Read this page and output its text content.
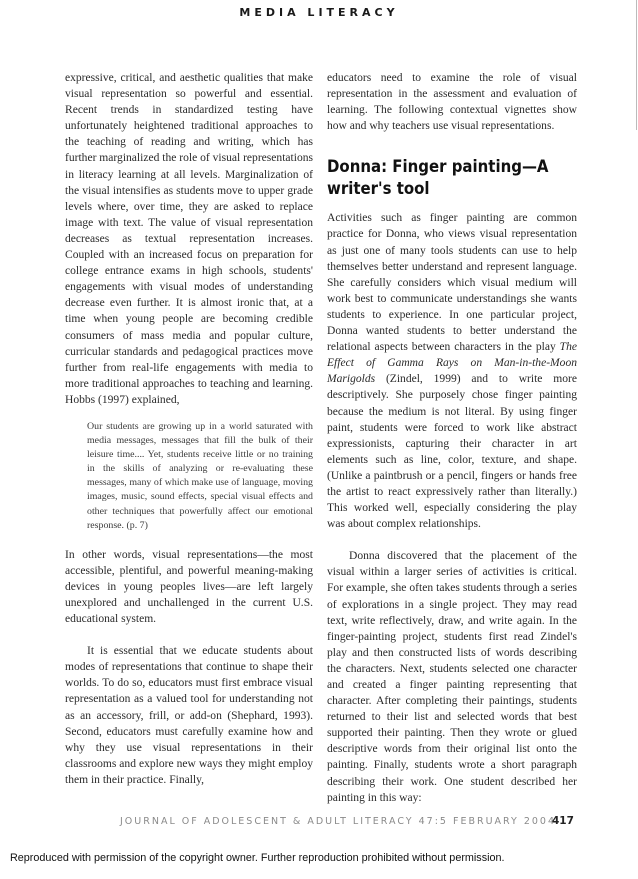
MEDIA LITERACY

expressive, critical, and aesthetic qualities that make visual representation so powerful and essential. Recent trends in standardized testing have unfortunately heightened traditional approaches to the teaching of reading and writing, which has further marginalized the role of visual representations in literacy learning at all levels. Marginalization of the visual intensifies as students move to upper grade levels where, over time, they are asked to replace image with text. The value of visual representation decreases as textual representation increases. Coupled with an increased focus on preparation for college entrance exams in high schools, students' engagements with visual modes of understanding decrease even further. It is almost ironic that, at a time when young people are becoming credible consumers of mass media and popular culture, curricular standards and pedagogical practices move further from real-life engagements with media to more traditional approaches to teaching and learning. Hobbs (1997) explained,

Our students are growing up in a world saturated with media messages, messages that fill the bulk of their leisure time.... Yet, students receive little or no training in the skills of analyzing or re-evaluating these messages, many of which make use of language, moving images, music, sound effects, special visual effects and other techniques that powerfully affect our emotional response. (p. 7)

In other words, visual representations—the most accessible, plentiful, and powerful meaning-making devices in young peoples lives—are left largely unexplored and unchallenged in the current U.S. educational system.

It is essential that we educate students about modes of representations that continue to shape their worlds. To do so, educators must first embrace visual representation as a valued tool for understanding not as an accessory, frill, or add-on (Shephard, 1993). Second, educators must carefully examine how and why they use visual representations in their classrooms and explore new ways they might employ them in their practice. Finally,

educators need to examine the role of visual representation in the assessment and evaluation of learning. The following contextual vignettes show how and why teachers use visual representations.

Donna: Finger painting—A writer's tool

Activities such as finger painting are common practice for Donna, who views visual representation as just one of many tools students can use to help themselves better understand and represent language. She carefully considers which visual medium will work best to communicate understandings she wants students to experience. In one particular project, Donna wanted students to better understand the relational aspects between characters in the play The Effect of Gamma Rays on Man-in-the-Moon Marigolds (Zindel, 1999) and to write more descriptively. She purposely chose finger painting because the medium is not literal. By using finger paint, students were forced to work like abstract expressionists, capturing their character in art elements such as line, color, texture, and shape. (Unlike a paintbrush or a pencil, fingers or hands free the artist to react expressively rather than literally.) This worked well, especially considering the play was about complex relationships.

Donna discovered that the placement of the visual within a larger series of activities is critical. For example, she often takes students through a series of explorations in a single project. They may read text, write reflectively, draw, and write again. In the finger-painting project, students first read Zindel's play and then constructed lists of words describing the characters. Next, students selected one character and created a finger painting representing that character. After completing their paintings, students returned to their list and selected words that best supported their painting. Then they wrote or glued descriptive words from their original list onto the painting. Finally, students wrote a short paragraph describing their work. One student described her painting in this way:

JOURNAL OF ADOLESCENT & ADULT LITERACY 47:5 FEBRUARY 2004
417
Reproduced with permission of the copyright owner. Further reproduction prohibited without permission.
